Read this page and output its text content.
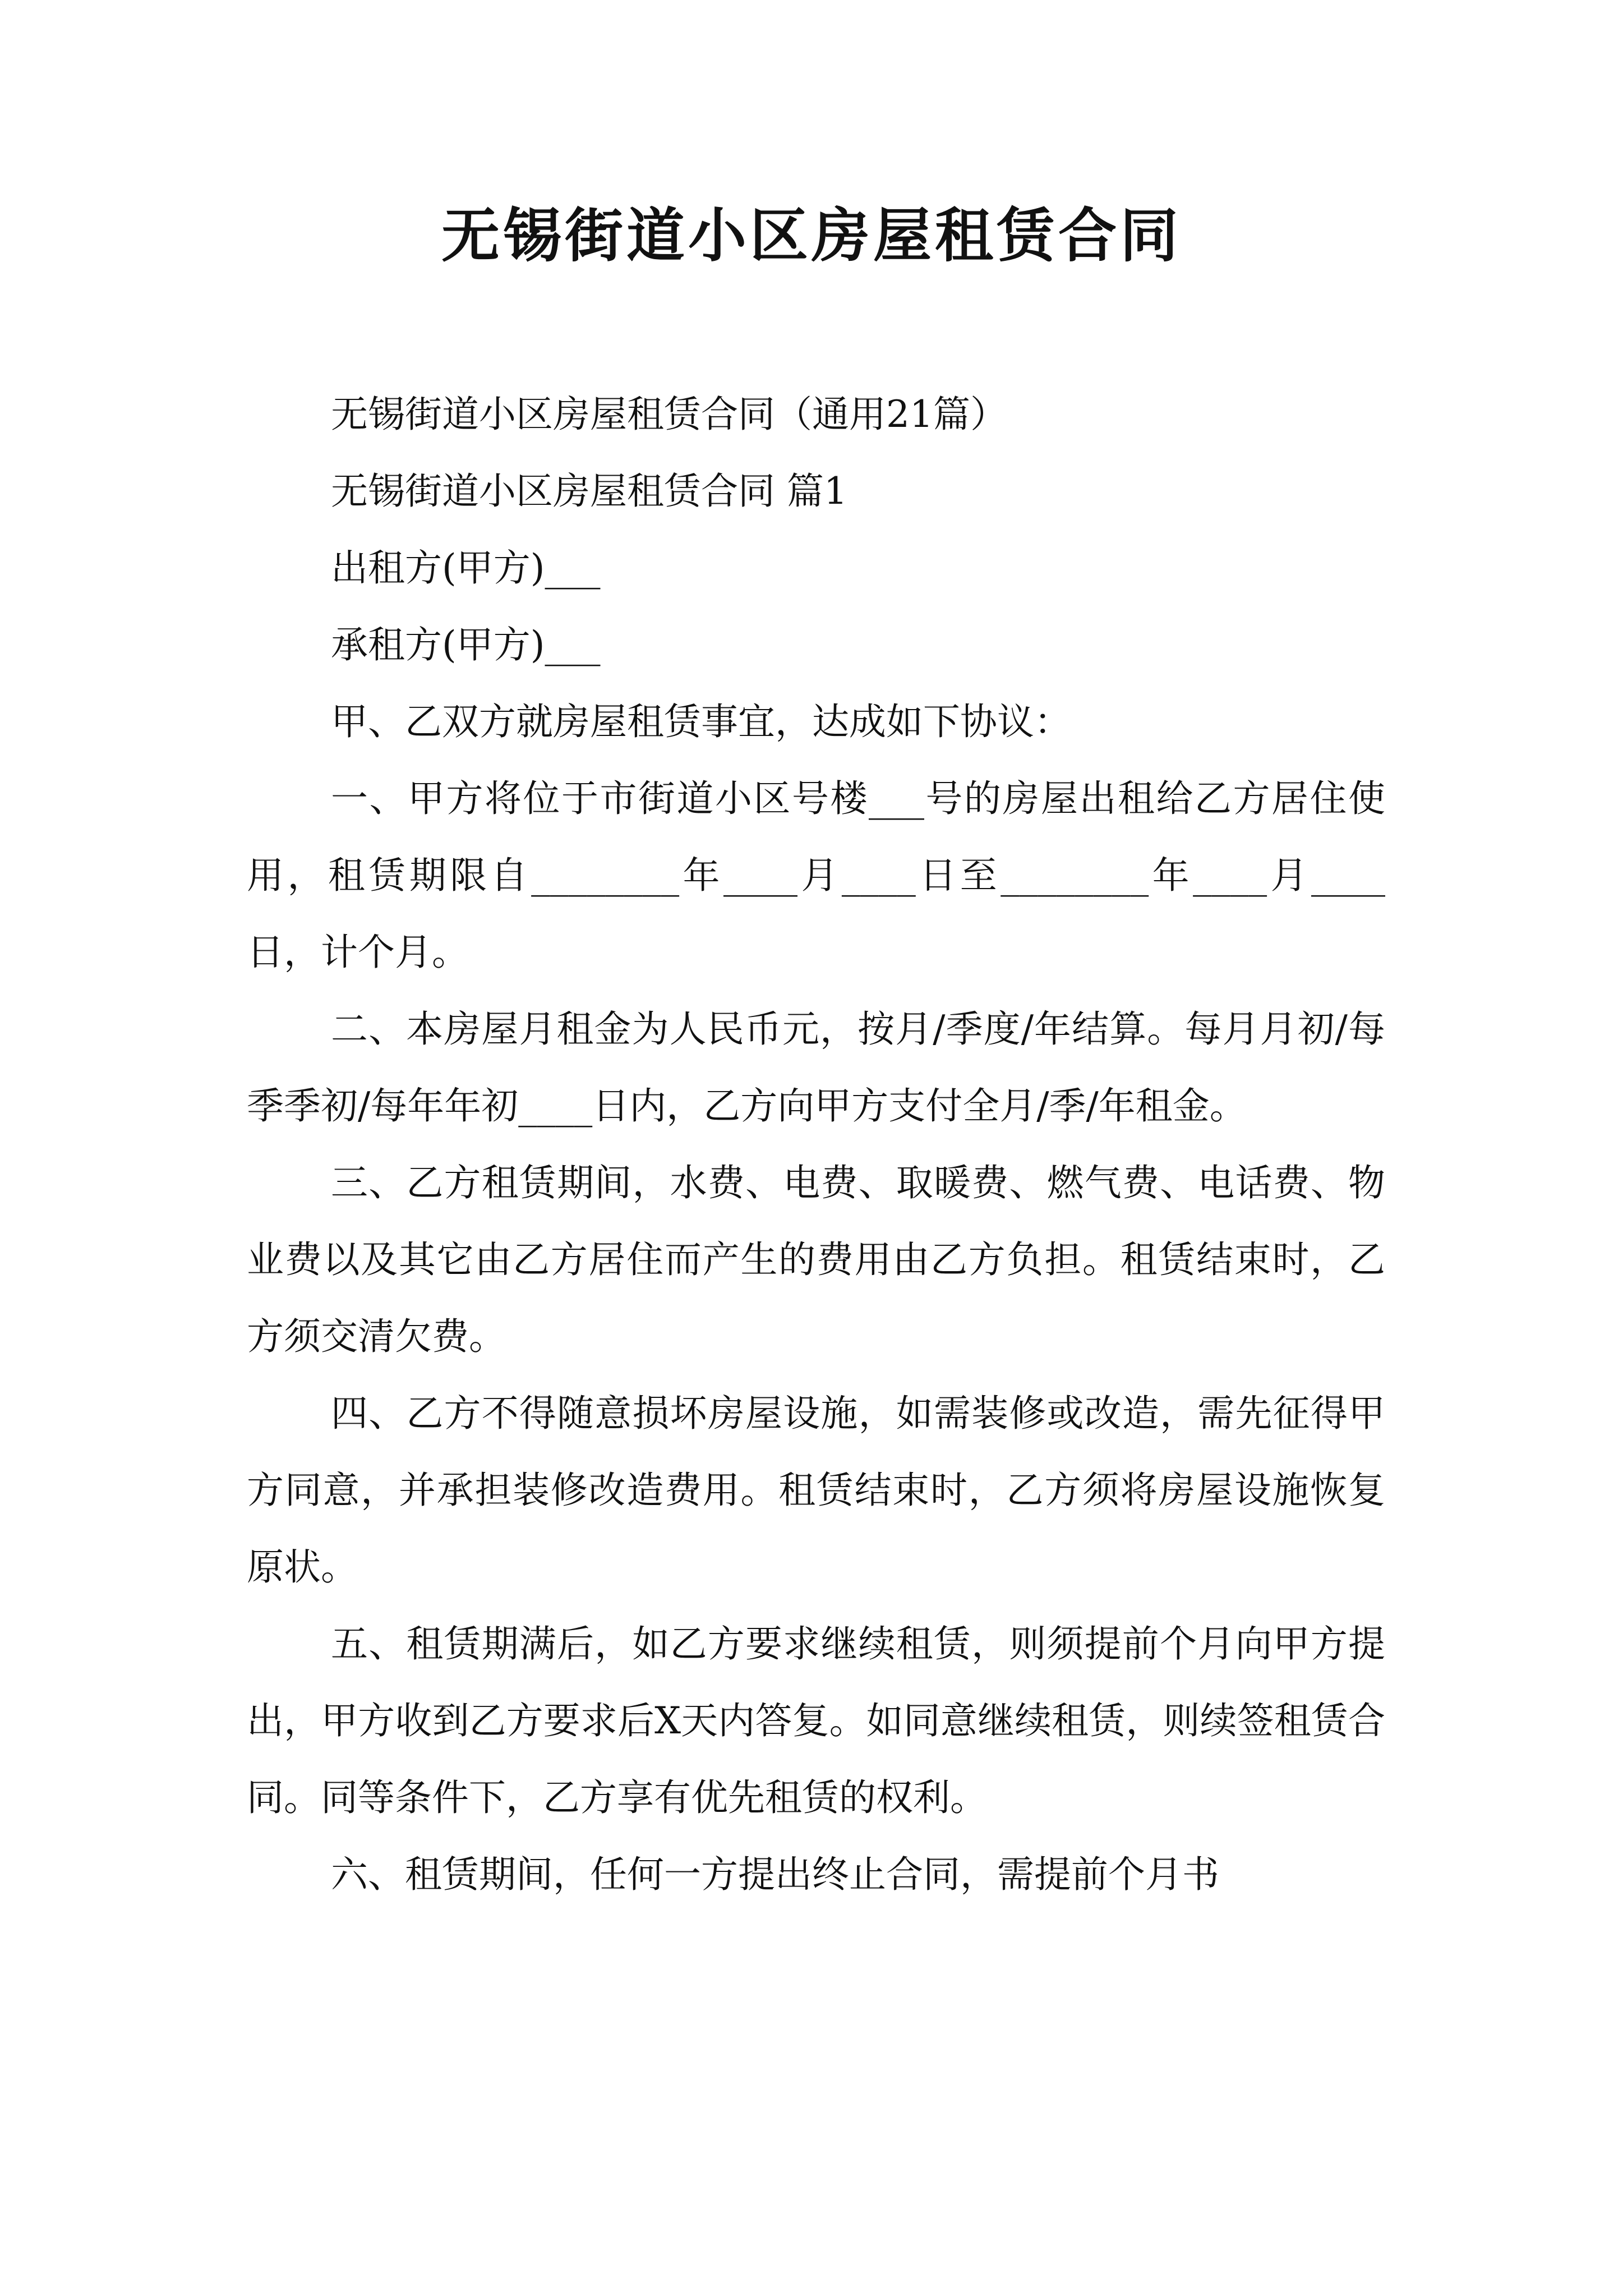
无锡街道小区房屋租赁合同

无锡街道小区房屋租赁合同（通用21篇）

无锡街道小区房屋租赁合同 篇1

出租方(甲方)___

承租方(甲方)___

甲、乙双方就房屋租赁事宜，达成如下协议：

一、甲方将位于市街道小区号楼___号的房屋出租给乙方居住使用，租赁期限自________年____月____日至________年____月____日，计个月。

二、本房屋月租金为人民币元，按月/季度/年结算。每月月初/每季季初/每年年初____日内，乙方向甲方支付全月/季/年租金。

三、乙方租赁期间，水费、电费、取暖费、燃气费、电话费、物业费以及其它由乙方居住而产生的费用由乙方负担。租赁结束时，乙方须交清欠费。

四、乙方不得随意损坏房屋设施，如需装修或改造，需先征得甲方同意，并承担装修改造费用。租赁结束时，乙方须将房屋设施恢复原状。

五、租赁期满后，如乙方要求继续租赁，则须提前个月向甲方提出，甲方收到乙方要求后X天内答复。如同意继续租赁，则续签租赁合同。同等条件下，乙方享有优先租赁的权利。

六、租赁期间，任何一方提出终止合同，需提前个月书
